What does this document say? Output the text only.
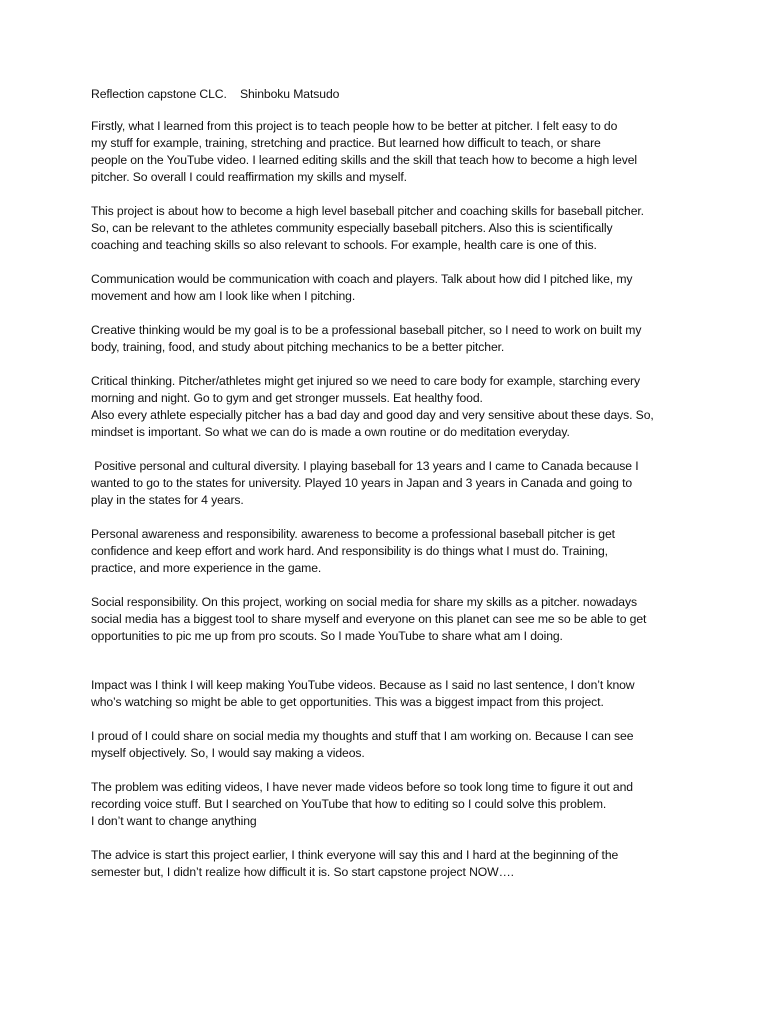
Reflection capstone CLC.    Shinboku Matsudo
Firstly, what I learned from this project is to teach people how to be better at pitcher. I felt easy to do
my stuff for example, training, stretching and practice. But learned how difficult to teach, or share
people on the YouTube video. I learned editing skills and the skill that teach how to become a high level
pitcher. So overall I could reaffirmation my skills and myself.
This project is about how to become a high level baseball pitcher and coaching skills for baseball pitcher.
So, can be relevant to the athletes community especially baseball pitchers. Also this is scientifically
coaching and teaching skills so also relevant to schools. For example, health care is one of this.
Communication would be communication with coach and players. Talk about how did I pitched like, my
movement and how am I look like when I pitching.
Creative thinking would be my goal is to be a professional baseball pitcher, so I need to work on built my
body, training, food, and study about pitching mechanics to be a better pitcher.
Critical thinking. Pitcher/athletes might get injured so we need to care body for example, starching every
morning and night. Go to gym and get stronger mussels. Eat healthy food.
Also every athlete especially pitcher has a bad day and good day and very sensitive about these days. So,
mindset is important. So what we can do is made a own routine or do meditation everyday.
Positive personal and cultural diversity. I playing baseball for 13 years and I came to Canada because I
wanted to go to the states for university. Played 10 years in Japan and 3 years in Canada and going to
play in the states for 4 years.
Personal awareness and responsibility. awareness to become a professional baseball pitcher is get
confidence and keep effort and work hard. And responsibility is do things what I must do. Training,
practice, and more experience in the game.
Social responsibility. On this project, working on social media for share my skills as a pitcher. nowadays
social media has a biggest tool to share myself and everyone on this planet can see me so be able to get
opportunities to pic me up from pro scouts. So I made YouTube to share what am I doing.
Impact was I think I will keep making YouTube videos. Because as I said no last sentence, I don’t know
who’s watching so might be able to get opportunities. This was a biggest impact from this project.
I proud of I could share on social media my thoughts and stuff that I am working on. Because I can see
myself objectively. So, I would say making a videos.
The problem was editing videos, I have never made videos before so took long time to figure it out and
recording voice stuff. But I searched on YouTube that how to editing so I could solve this problem.
I don’t want to change anything
The advice is start this project earlier, I think everyone will say this and I hard at the beginning of the
semester but, I didn’t realize how difficult it is. So start capstone project NOW….
